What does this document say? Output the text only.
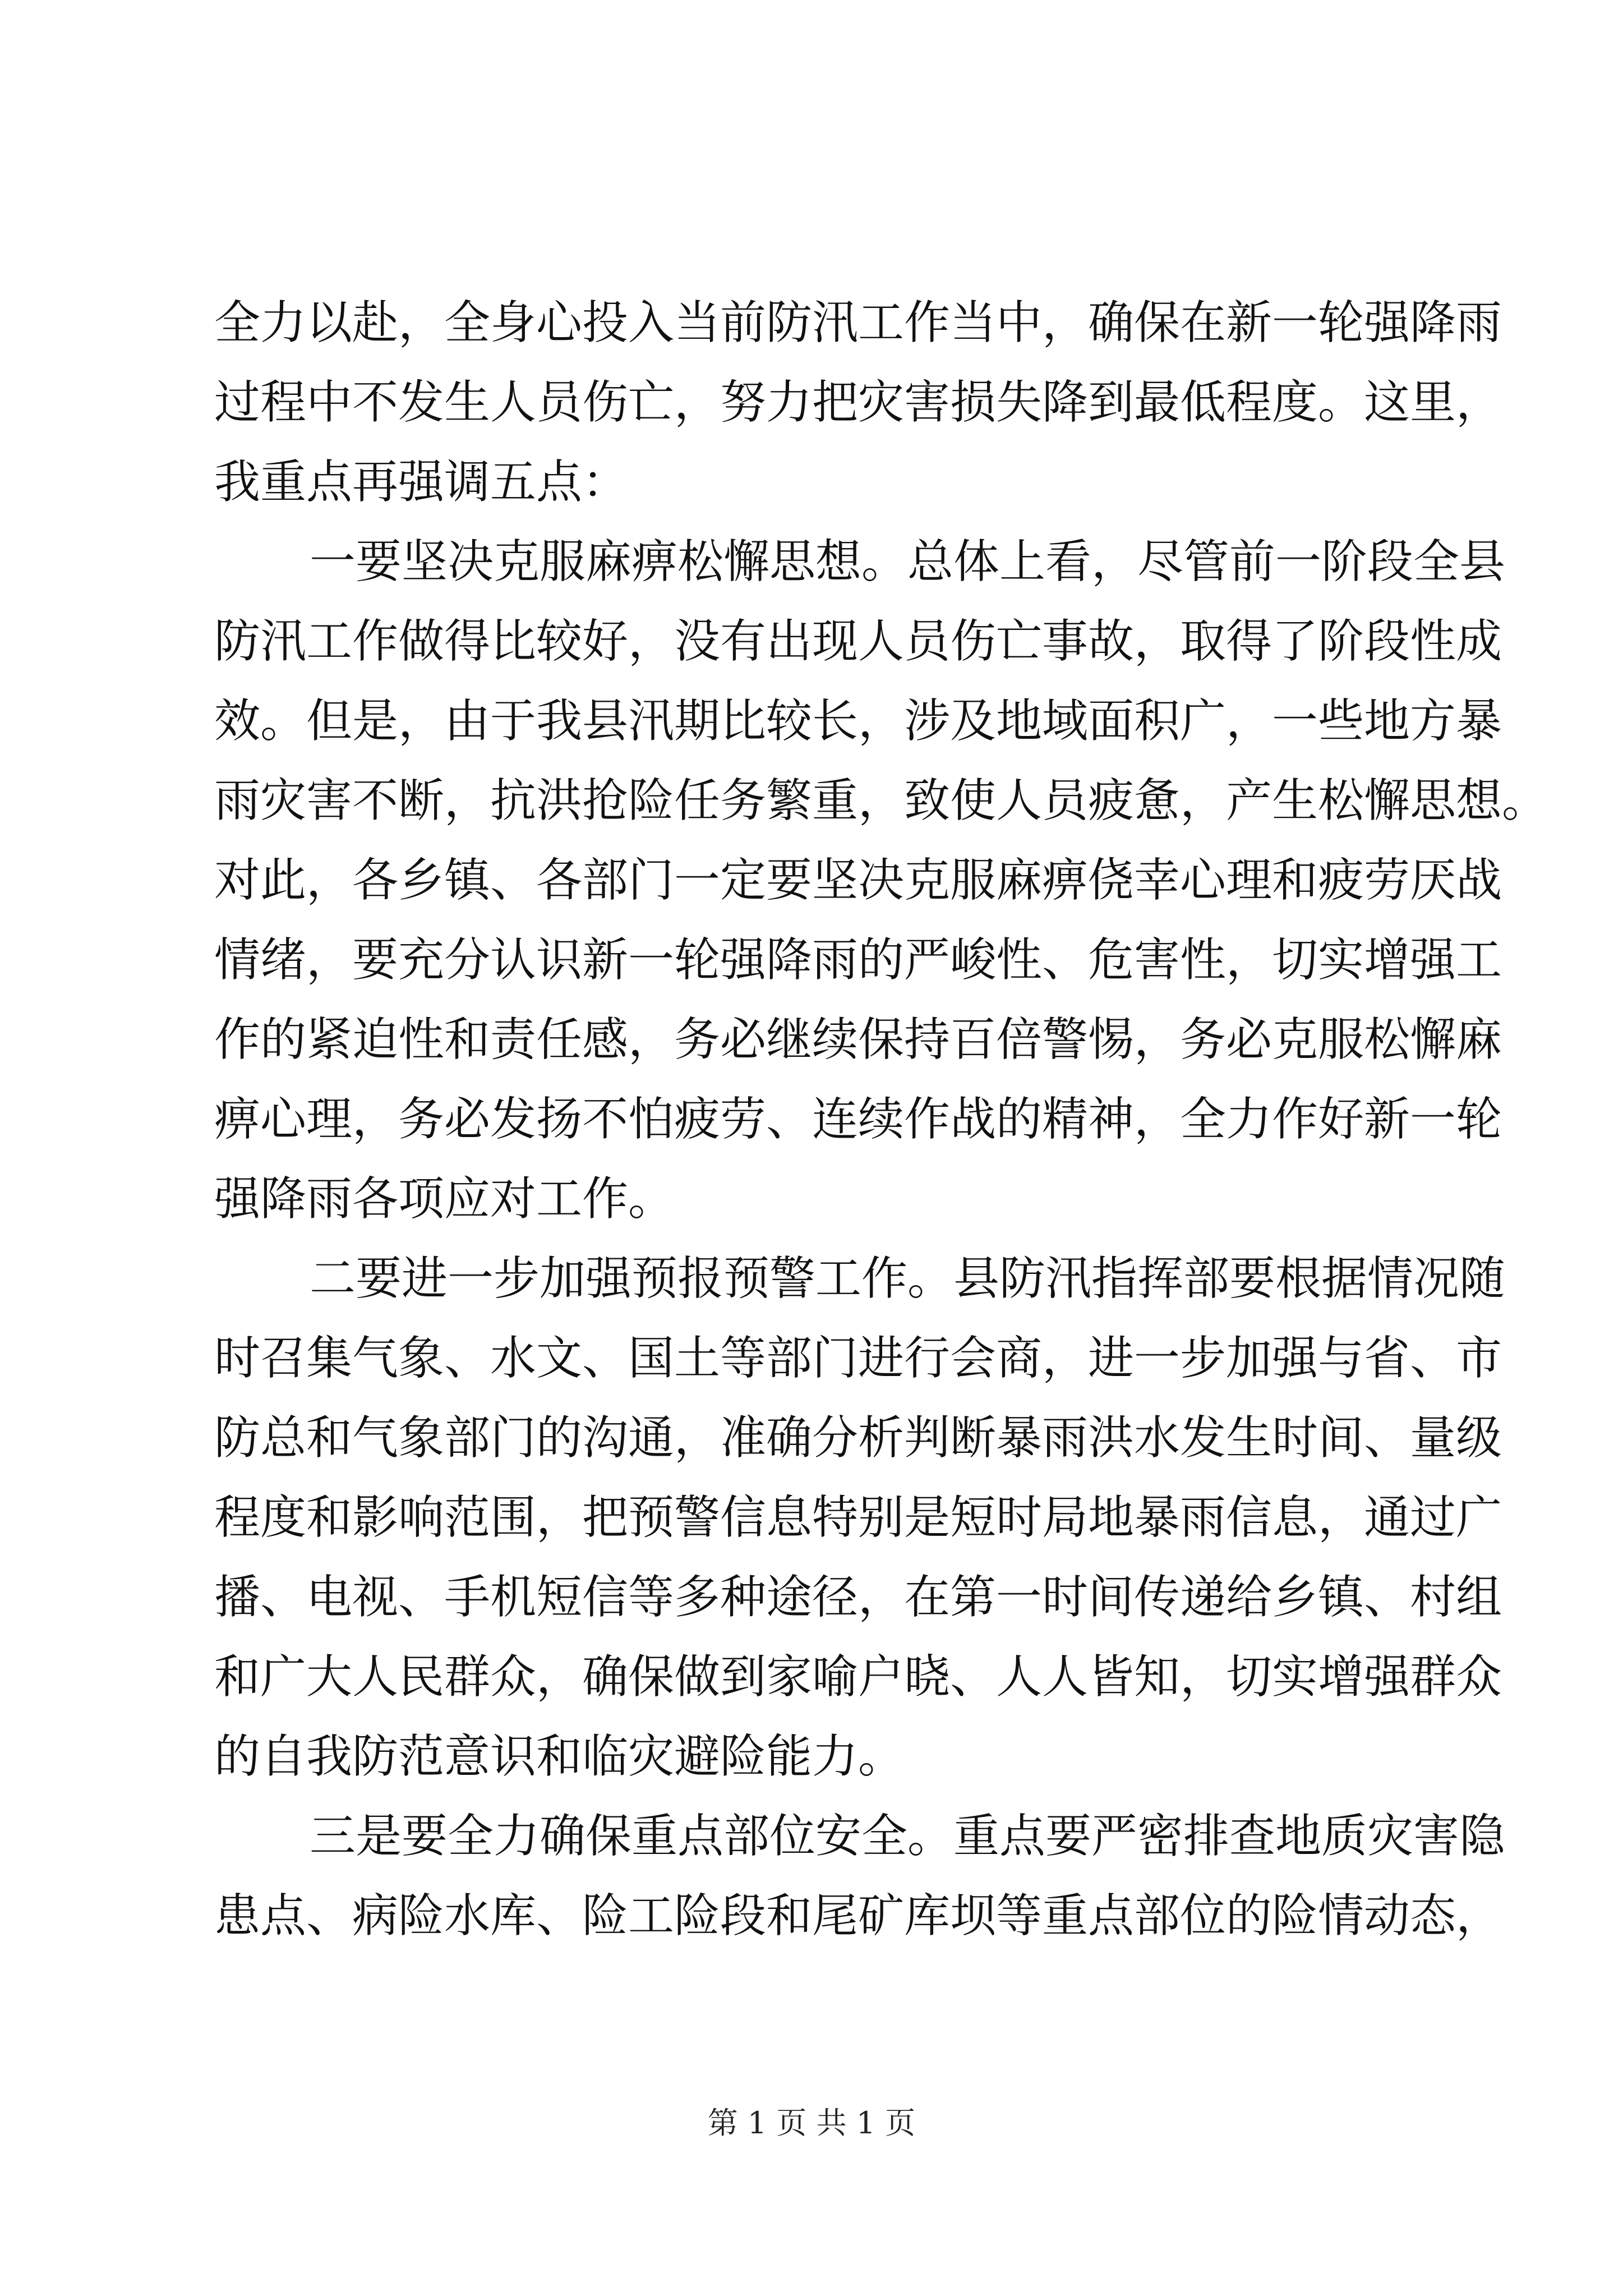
全力以赴，全身心投入当前防汛工作当中，确保在新一轮强降雨
过程中不发生人员伤亡，努力把灾害损失降到最低程度。这里，
我重点再强调五点：
一要坚决克服麻痹松懈思想。总体上看，尽管前一阶段全县
防汛工作做得比较好，没有出现人员伤亡事故，取得了阶段性成
效。但是，由于我县汛期比较长，涉及地域面积广，一些地方暴
雨灾害不断，抗洪抢险任务繁重，致使人员疲惫，产生松懈思想。
对此，各乡镇、各部门一定要坚决克服麻痹侥幸心理和疲劳厌战
情绪，要充分认识新一轮强降雨的严峻性、危害性，切实增强工
作的紧迫性和责任感，务必继续保持百倍警惕，务必克服松懈麻
痹心理，务必发扬不怕疲劳、连续作战的精神，全力作好新一轮
强降雨各项应对工作。
二要进一步加强预报预警工作。县防汛指挥部要根据情况随
时召集气象、水文、国土等部门进行会商，进一步加强与省、市
防总和气象部门的沟通，准确分析判断暴雨洪水发生时间、量级
程度和影响范围，把预警信息特别是短时局地暴雨信息，通过广
播、电视、手机短信等多种途径，在第一时间传递给乡镇、村组
和广大人民群众，确保做到家喻户晓、人人皆知，切实增强群众
的自我防范意识和临灾避险能力。
三是要全力确保重点部位安全。重点要严密排查地质灾害隐
患点、病险水库、险工险段和尾矿库坝等重点部位的险情动态，
第 1 页 共 1 页
